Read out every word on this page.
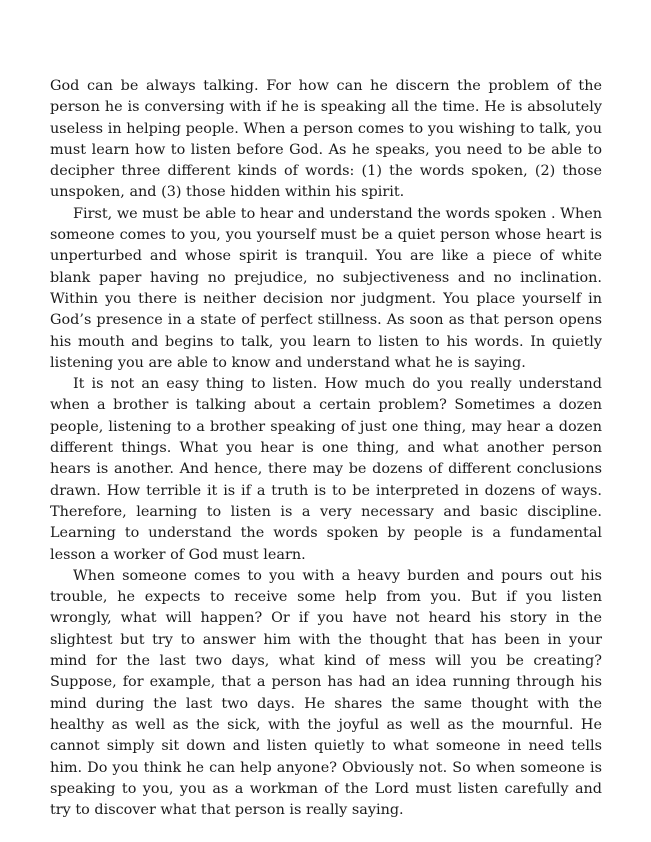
God can be always talking. For how can he discern the problem of the person he is conversing with if he is speaking all the time. He is absolutely useless in helping people. When a person comes to you wishing to talk, you must learn how to listen before God. As he speaks, you need to be able to decipher three different kinds of words: (1) the words spoken, (2) those unspoken, and (3) those hidden within his spirit.

First, we must be able to hear and understand the words spoken . When someone comes to you, you yourself must be a quiet person whose heart is unperturbed and whose spirit is tranquil. You are like a piece of white blank paper having no prejudice, no subjectiveness and no inclination. Within you there is neither decision nor judgment. You place yourself in God’s presence in a state of perfect stillness. As soon as that person opens his mouth and begins to talk, you learn to listen to his words. In quietly listening you are able to know and understand what he is saying.

It is not an easy thing to listen. How much do you really understand when a brother is talking about a certain problem? Sometimes a dozen people, listening to a brother speaking of just one thing, may hear a dozen different things. What you hear is one thing, and what another person hears is another. And hence, there may be dozens of different conclusions drawn. How terrible it is if a truth is to be interpreted in dozens of ways. Therefore, learning to listen is a very necessary and basic discipline. Learning to understand the words spoken by people is a fundamental lesson a worker of God must learn.

When someone comes to you with a heavy burden and pours out his trouble, he expects to receive some help from you. But if you listen wrongly, what will happen? Or if you have not heard his story in the slightest but try to answer him with the thought that has been in your mind for the last two days, what kind of mess will you be creating? Suppose, for example, that a person has had an idea running through his mind during the last two days. He shares the same thought with the healthy as well as the sick, with the joyful as well as the mournful. He cannot simply sit down and listen quietly to what someone in need tells him. Do you think he can help anyone? Obviously not. So when someone is speaking to you, you as a workman of the Lord must listen carefully and try to discover what that person is really saying.
